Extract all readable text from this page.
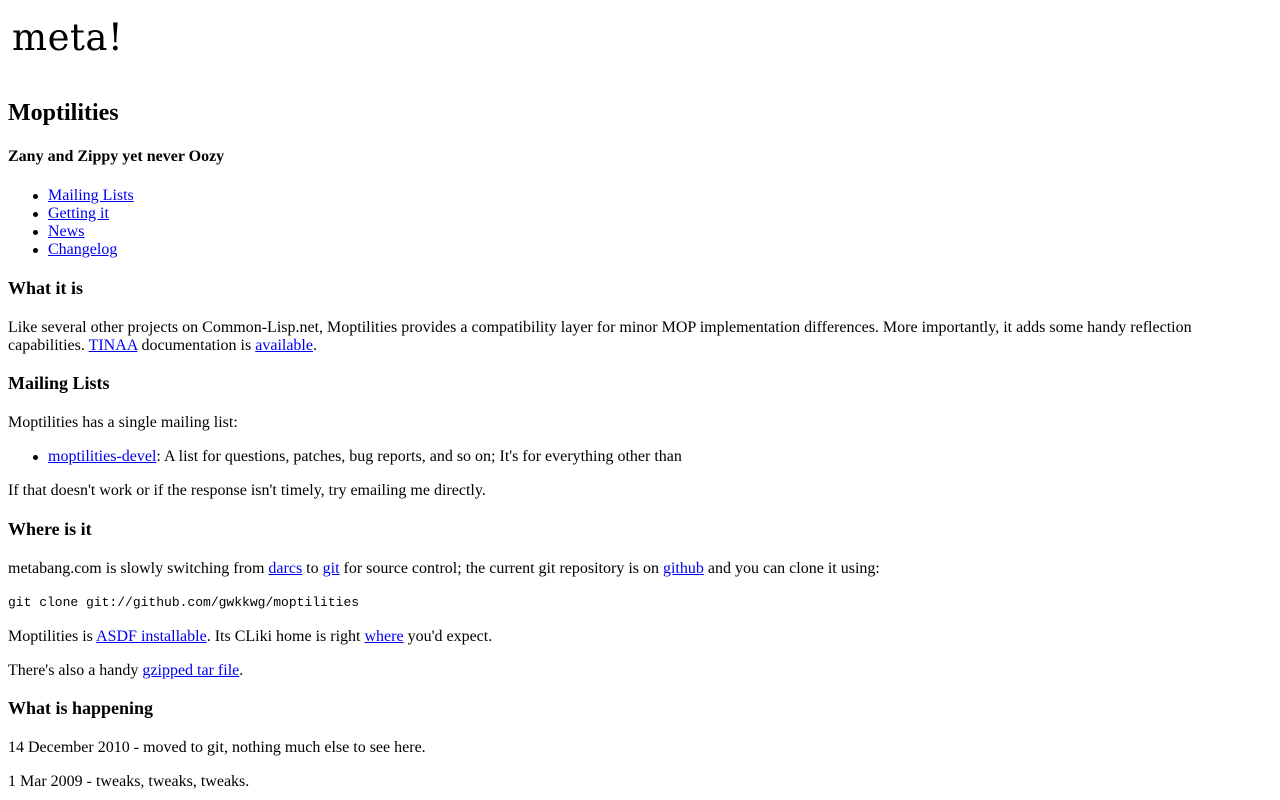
meta!
Moptilities
Zany and Zippy yet never Oozy
Mailing Lists
Getting it
News
Changelog
What it is
Like several other projects on Common-Lisp.net, Moptilities provides a compatibility layer for minor MOP implementation differences. More importantly, it adds some handy reflection
capabilities. TINAA documentation is available.
Mailing Lists
Moptilities has a single mailing list:
moptilities-devel: A list for questions, patches, bug reports, and so on; It's for everything other than
If that doesn't work or if the response isn't timely, try emailing me directly.
Where is it
metabang.com is slowly switching from darcs to git for source control; the current git repository is on github and you can clone it using:
git clone git://github.com/gwkkwg/moptilities
Moptilities is ASDF installable. Its CLiki home is right where you'd expect.
There's also a handy gzipped tar file.
What is happening
14 December 2010 - moved to git, nothing much else to see here.
1 Mar 2009 - tweaks, tweaks, tweaks.
